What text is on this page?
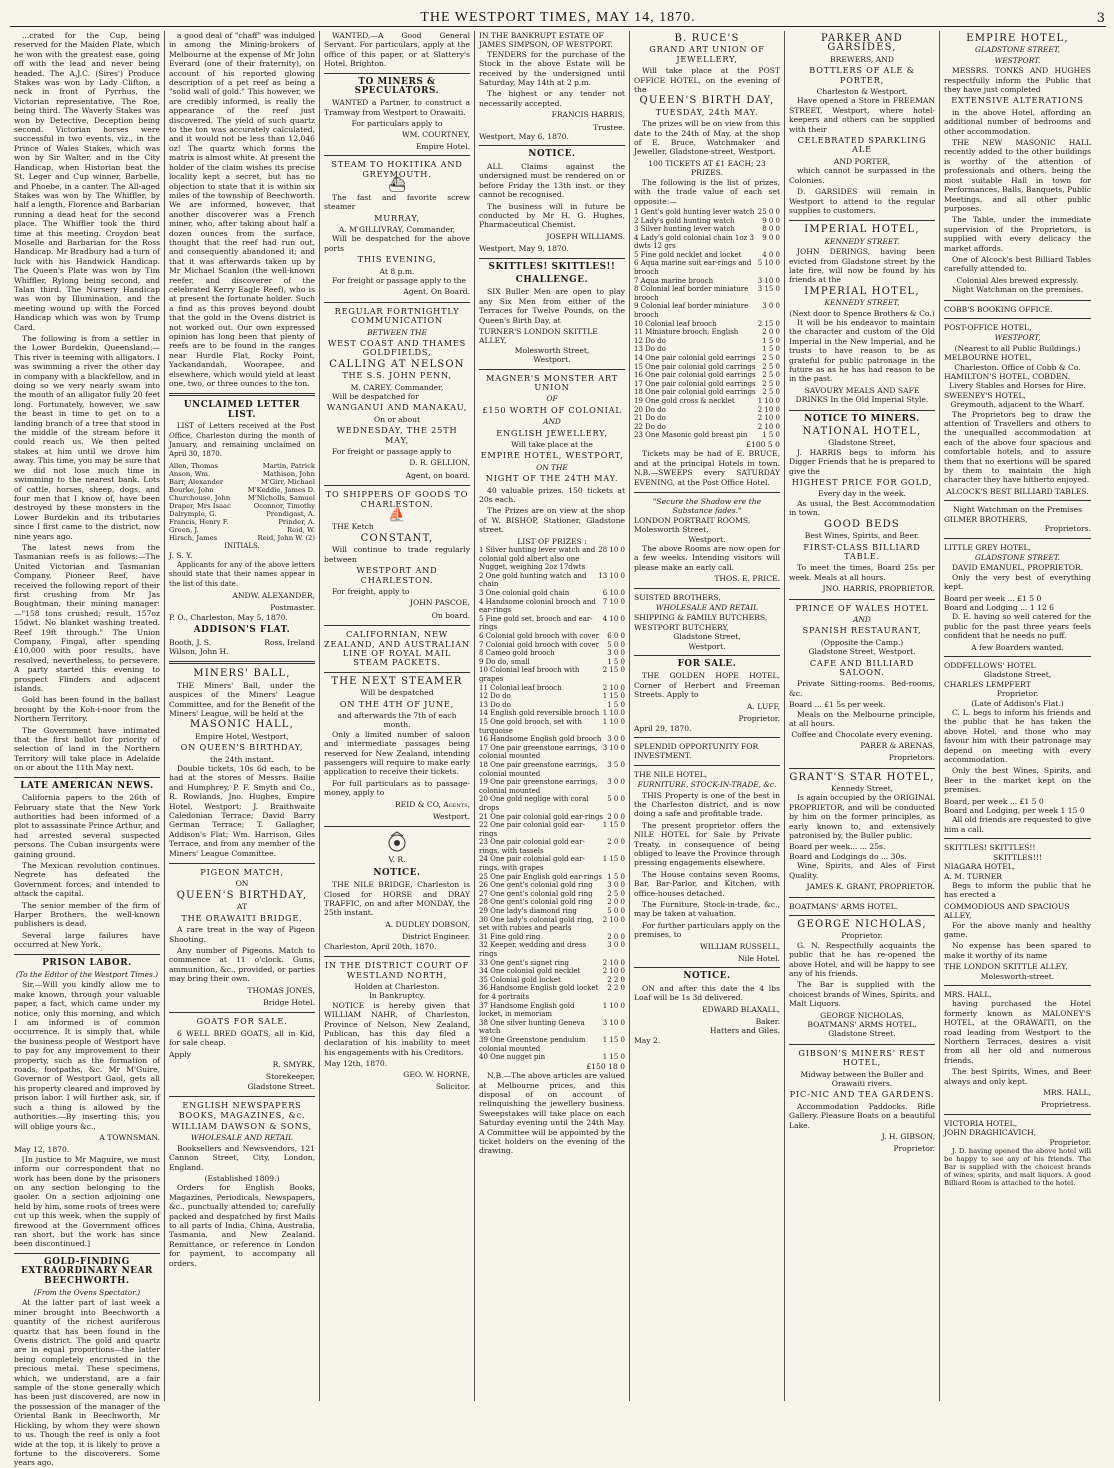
THE WESTPORT TIMES, MAY 14, 1870.	3

...crated for the Cup, being reserved for the Maiden Plate, which he won with the greatest ease, going off with the lead and never being headed. The A.J.C. (Sires') Produce Stakes was won by Lady Clifton, a neck in front of Pyrrhus, the Victorian representative, The Roe, being third. The Waverly Stakes was won by Detective, Deception being second. Victorian horses were successful in two events, viz., in the Prince of Wales Stakes, which was won by Sir Walter, and in the City Handicap, when Historian beat the St. Leger and Cup winner, Barbelle, and Phoebe, in a canter. The All-aged Stakes was won by The Whiffler, by half a length, Florence and Barbarian running a dead heat for the second place. The Whiffler took the third time at this meeting. Croydon beat Moselle and Barbarian for the Ross Handicap. Mr Bradbury had a turn of luck with his Handwick Handicap. The Queen's Plate was won by Tim Whiffler, Rylong being second, and Talan third. The Nursery Handicap was won by Illumination, and the meeting wound up with the Forced Handicap which was won by Trump Card.

The following is from a settler in the Lower Burdekin, Queensland:— This river is teeming with alligators. I was swimming a river the other day in company with a blackfellow, and in doing so we very nearly swam into the mouth of an alligator fully 20 feet long. Fortunately, however, we saw the beast in time to get on to a landing branch of a tree that stood in the middle of the stream before it could reach us. We then pelted stakes at him until we drove him away. This time, you may be sure that we did not lose much time in swimming to the nearest bank. Lots of cattle, horses, sheep, dogs, and four men that I know of, have been destroyed by these monsters in the Lower Burdekin and its tributaries since I first came to the district, now nine years ago.

The latest news from the Tasmanian reefs is as follows:—The United Victorian and Tasmanian Company, Pioneer Reef, have received the following report of their first crushing from Mr Jas Boughtman, their mining manager:—"158 tons crushed; result, 157oz 15dwt. No blanket washing treated. Reef 19ft through." The Union Company, Fingal, after spending £10,000 with poor results, have resolved, nevertheless, to persevere. A party started this evening to prospect Flinders and adjacent islands.

Gold has been found in the ballast brought by the Koh-i-noor from the Northern Territory.

The Government have intimated that the first ballot for priority of selection of land in the Northern Territory will take place in Adelaide on or about the 11th May next.

LATE AMERICAN NEWS.

California papers to the 26th of February state that the New York authorities had been informed of a plot to assassinate Prince Arthur, and had arrested several suspected persons. The Cuban insurgents were gaining ground.

The Mexican revolution continues. Negrete has defeated the Government forces, and intended to attack the capital.

The senior member of the firm of Harper Brothers, the well-known publishers is dead.

Several large failures have occurred at New York.

PRISON LABOR.
(To the Editor of the Westport Times.)

Sir,—Will you kindly allow me to make known, through your valuable paper, a fact, which came under my notice, only this morning, and which I am informed is of common occurrence. It is simply that, while the business people of Westport have to pay for any improvement to their property, such as the formation of roads, footpaths, &c. Mr M'Guire, Governor of Westport Gaol, gets all his property cleared and improved by prison labor. I will further ask, sir, if such a thing is allowed by the authorities.—By inserting this, you will oblige yours &c.,

A TOWNSMAN.
May 12, 1870.

[In justice to Mr Maguire, we must inform our correspondent that no work has been done by the prisoners on any section belonging to the gaoler. On a section adjoining one held by him, some roots of trees were cut up this week, when the supply of firewood at the Government offices ran short, but the work has since been discontinued.]

GOLD-FINDING EXTRAORDINARY NEAR BEECHWORTH.
(From the Ovens Spectator.)

At the latter part of last week a miner brought into Beechworth a quantity of the richest auriferous quartz that has been found in the Ovens district. The gold and quartz are in equal proportions—the latter being completely encrusted in the precious metal. These specimens, which, we understand, are a fair sample of the stone generally which has been just discovered, are now in the possession of the manager of the Oriental Bank in Beechworth, Mr Hickling, by whom they were shown to us. Though the reef is only a foot wide at the top, it is likely to prove a fortune to the discoverers. Some years ago,

a good deal of "chaff" was indulged in among the Mining-brokers of Melbourne at the expense of Mr John Everard (one of their fraternity), on account of his reported glowing description of a pet reef as being a "solid wall of gold." This however, we are credibly informed, is really the appearance of the reef just discovered. The yield of such quartz to the ton was accurately calculated, and it would not be less than 12,046 oz! The quartz which forms the matrix is almost white. At present the holder of the claim wishes its precise locality kept a secret, but has no objection to state that it is within six miles of the township of Beechworth. We are informed, however, that another discoverer was a French miner, who, after taking about half a dozen ounces from the surface, thought that the reef had run out, and consequently abandoned it; and that it was afterwards taken up by Mr Michael Scanlon (the well-known reefer, and discoverer of the celebrated Kerry Eagle Reef), who is at present the fortunate holder. Such a find as this proves beyond doubt that the gold in the Ovens district is not worked out. Our own expressed opinion has long been that plenty of reefs are to be found in the ranges near Hurdle Flat, Rocky Point, Yackandandah, Woorapee, and elsewhere, which would yield at least one, two, or three ounces to the ton.

UNCLAIMED LETTER LIST.

LIST of Letters received at the Post Office, Charleston during the month of January, and remaining unclaimed on April 30, 1870.

Allen, Thomas	Martin, Patrick
Anson, Wm.	Mathison, John
Barr, Alexander	M'Girr, Michael
Bourke, John	M'Keddie, James D.
Churchouse, John	M'Nicholls, Samuel
Draper, Mrs Isaac	Oconnor, Timothy
Dalrymple, G.	Prendigast, A.
Francis, Henry F.	Prinder, A.
Green, J.	Reid, W.
Hirsch, James	Reid, John W. (2)
INITIALS.
J. S. Y.

Applicants for any of the above letters should state that their names appear in the list of this date.

ANDW. ALEXANDER,
Postmaster.
P. O., Charleston, May 5, 1870.
ADDISON'S FLAT.
Booth, J. S.	Ross, Ireland
Wilson, John H.
MINERS' BALL,

THE Miners' Ball, under the auspices of the Miners' League Committee, and for the Benefit of the Miners' League, will be held at the

MASONIC HALL,
Empire Hotel, Westport,
ON QUEEN'S BIRTHDAY,
the 24th instant.

Double tickets, 10s 6d each, to be had at the stores of Messrs. Bailie and Humphrey, P. F. Smyth and Co., R. Rowlands, Jno. Hughes, Empire Hotel, Westport; J. Braithwaite Caledonian Terrace; David Barry German Terrace; T. Gallagher, Addison's Flat; Wm. Harrison, Giles Terrace, and from any member of the Miners' League Committee.

PIGEON MATCH,
ON
QUEEN'S BIRTHDAY,
AT
THE ORAWAITI BRIDGE.

A rare treat in the way of Pigeon Shooting.

Any number of Pigeons. Match to commence at 11 o'clock. Guns, ammunition, &c., provided, or parties may bring their own.

THOMAS JONES,
Bridge Hotel.
GOATS FOR SALE.

6 WELL BRED GOATS, all in Kid, for sale cheap.

Apply
R. SMYRK,
Storekeeper,
Gladstone Street.
ENGLISH NEWSPAPERS BOOKS, MAGAZINES, &c.
WILLIAM DAWSON & SONS,
WHOLESALE AND RETAIL

Booksellers and Newsvendors, 121 Cannon Street, City, London, England.

(Established 1809.)

Orders for English Books, Magazines, Periodicals, Newspapers, &c., punctually attended to; carefully packed and despatched by first Mails to all parts of India, China, Australia, Tasmania, and New Zealand. Remittance, or reference in London for payment, to accompany all orders.

WANTED,—A Good General Servant. For particulars, apply at the office of this paper, or at Slattery's Hotel, Brighton.

TO MINERS & SPECULATORS.

WANTED a Partner, to construct a Tramway from Westport to Orawaiti.

For particulars apply to
WM. COURTNEY,
Empire Hotel.
STEAM TO HOKITIKA AND GREYMOUTH.
⛴

The fast and favorite screw steamer

MURRAY,
A. M'GILLIVRAY, Commander,

Will be despatched for the above ports

THIS EVENING,
At 8 p.m.

For freight or passage apply to the

Agent, On Board.
REGULAR FORTNIGHTLY COMMUNICATION
BETWEEN THE
WEST COAST AND THAMES GOLDFIELDS,
CALLING AT NELSON
THE S.S. JOHN PENN,
M. CAREY, Commander,

Will be despatched for

WANGANUI AND MANAKAU,
On or about
WEDNESDAY, THE 25TH MAY,

For freight or passage apply to

D. R. GELLION,
Agent, on board.
TO SHIPPERS OF GOODS TO CHARLESTON.
⛵

THE Ketch

CONSTANT,

Will continue to trade regularly between

WESTPORT AND CHARLESTON.

For freight, apply to

JOHN PASCOE,
On board.
CALIFORNIAN, NEW ZEALAND, AND AUSTRALIAN LINE OF ROYAL MAIL STEAM PACKETS.
THE NEXT STEAMER
Will be despatched
ON THE 4TH OF JUNE,
and afterwards the 7th of each month.

Only a limited number of saloon and intermediate passages being reserved for New Zealand, intending passengers will require to make early application to receive their tickets.

For full particulars as to passage-money, apply to

REID & CO, Agents,
Westport.
V. R.
NOTICE.

THE NILE BRIDGE, Charleston is Closed for HORSE and DRAY TRAFFIC, on and after MONDAY, the 25th instant.

A. DUDLEY DOBSON,
District Engineer.
Charleston, April 20th, 1870.
IN THE DISTRICT COURT OF WESTLAND NORTH,
Holden at Charleston.
In Bankruptcy.

NOTICE is hereby given that WILLIAM NAHR, of Charleston, Province of Nelson, New Zealand, Publican, has this day filed a declaration of his inability to meet his engagements with his Creditors.

May 12th, 1870.
GEO. W. HORNE,
Solicitor.
IN THE BANKRUPT ESTATE OF JAMES SIMPSON, OF WESTPORT.

TENDERS for the purchase of the Stock in the above Estate will be received by the undersigned until Saturday, May 14th at 2 p.m.

The highest or any tender not necessarily accepted.

FRANCIS HARRIS,
Trustee.
Westport, May 6, 1870.
NOTICE.

ALL Claims against the undersigned must be rendered on or before Friday the 13th inst. or they cannot be recognised.

The business will in future be conducted by Mr H. G. Hughes, Pharmaceutical Chemist.

JOSEPH WILLIAMS.
Westport, May 9, 1870.
SKITTLES! SKITTLES!!
CHALLENGE.

SIX Buller Men are open to play any Six Men from either of the Terraces for Twelve Pounds, on the Queen's Birth Day, at

TURNER'S LONDON SKITTLE ALLEY,
Molesworth Street,
Westport.
MAGNER'S MONSTER ART UNION
OF
£150 WORTH OF COLONIAL
AND
ENGLISH JEWELLERY,
Will take place at the
EMPIRE HOTEL, WESTPORT,
ON THE
NIGHT OF THE 24TH MAY.

40 valuable prizes. 150 tickets at 20s each.

The Prizes are on view at the shop of W. BISHOP, Stationer, Gladstone street.

LIST OF PRIZES :
1 Silver hunting lever watch and colonial gold albert also one Nugget, weighing 2oz 17dwts
28 10 0
2 One gold hunting watch and chain
13 10 0
3 One colonial gold chain	6 10 0
4 Handsome colonial brooch and ear-rings
7 10 0
5 Fine gold set, brooch and ear-rings
4 10 0
6 Colonial gold brooch with cover	6 0 0
7 Colonial gold brooch with cover	5 0 0
8 Cameo gold brooch	3 0 0
9 Do do, small	1 5 0
10 Colonial leaf brooch with grapes
2 15 0
11 Colonial leaf brooch	2 10 0
12 Do do	1 15 0
13 Do do	1 5 0
14 English gold reversible brooch 1 10 0
15 One gold brooch, set with turquoise
1 10 0
16 Handsome English gold brooch 3 0 0
17 One pair greenstone earrings, colonial mounted
3 10 0
18 One pair greenstone earrings, colonial mounted
3 5 0
19 One pair greenstone earrings, colonial mounted
3 0 0
20 One gold neglige with coral drops
5 0 0
21 One pair colonial gold ear-rings 2 0 0
22 One pair colonial gold ear-rings
1 15 0
23 One pair colonial gold ear-rings, with tassels
2 0 0
24 One pair colonial gold ear-rings, with grapes
1 15 0
25 One pair English gold ear-rings 1 5 0
26 One gent's colonial gold ring	3 0 0
27 One gent's colonial gold ring	2 5 0
28 One gent's colonial gold ring	2 0 0
29 One lady's diamond ring	5 0 0
30 One lady's colonial gold ring, set with rubies and pearls
2 10 0
31 Fine gold ring	2 0 0
32 Keeper, wedding and dress rings
3 0 0
33 One gent's signet ring	2 10 0
34 One colonial gold necklet	2 10 0
35 Colonial gold locket	2 2 0
36 Handsome English gold locket for 4 portraits
2 2 0
37 Handsome English gold locket, in memoriam
1 10 0
38 One silver hunting Geneva watch
3 10 0
39 One Greenstone pendulum colonial mounted
1 15 0
40 One nugget pin	1 15 0
£150 18 0

N.B.—The above articles are valued at Melbourne prices, and this disposal of on account of relinquishing the jewellery business. Sweepstakes will take place on each Saturday evening until the 24th May. A Committee will be appointed by the ticket holders on the evening of the drawing.

B. RUCE'S
GRAND ART UNION OF JEWELLERY,

Will take place at the POST OFFICE HOTEL, on the evening of the

QUEEN'S BIRTH DAY,
TUESDAY, 24th MAY.

The prizes will be on view from this date to the 24th of May, at the shop of E. Bruce, Watchmaker and Jeweller, Gladstone-street, Westport.

100 TICKETS AT £1 EACH; 23 PRIZES.

The following is the list of prizes, with the trade value of each set opposite:—

1 Gent's gold hunting lever watch 25 0 0
2 Lady's gold hunting watch	9 0 0
3 Silver hunting lever watch	8 0 0
4 Lady's gold colonial chain 1oz 3 dwts 12 grs
9 0 0
5 Fine gold necklet and locket	4 0 0
6 Aqua marine suit ear-rings and brooch
5 10 0
7 Aqua marine brooch	3 10 0
8 Colonial leaf border miniature brooch
3 15 0
9 Colonial leaf border miniature brooch
3 0 0
10 Colonial leaf brooch	2 15 0
11 Miniature brooch, English	2 0 0
12 Do do	1 5 0
13 Do do	1 5 0
14 One pair colonial gold earrings 2 5 0
15 One pair colonial gold carrings 2 5 0
16 One pair colonial gold earrings 2 5 0
17 One pair colonial gold earrings 2 5 0
18 One pair colonial gold earrings 2 5 0
19 One gold cross & necklet	1 10 0
20 Do do	2 10 0
21 Do do	2 10 0
22 Do do	2 10 0
23 One Masonic gold breast pin	1 5 0
£100 5 0

Tickets may be had of E. BRUCE, and at the principal Hotels in town. N.B.—SWEEPS every SATURDAY EVENING, at the Post Office Hotel.

"Secure the Shadow ere the Substance fades."
LONDON PORTRAIT ROOMS, Molesworth Street,
Westport.

The above Rooms are now open for a few weeks. Intending visitors will please make an early call.

THOS. E. PRICE.
SUISTED BROTHERS,
WHOLESALE AND RETAIL
SHIPPING & FAMILY BUTCHERS,
WESTPORT BUTCHERY,
Gladstone Street,
Westport.
FOR SALE.

THE GOLDEN HOPE HOTEL, Corner of Herbert and Freeman Streets. Apply to

A. LUFF,
Proprietor.
April 29, 1870.
SPLENDID OPPORTUNITY FOR INVESTMENT.
THE NILE HOTEL,
FURNITURE, STOCK-IN-TRADE, &c.

THIS Property is one of the best in the Charleston district, and is now doing a safe and profitable trade.

The present proprietor offers the NILE HOTEL for Sale by Private Treaty, in consequence of being obliged to leave the Province through pressing engagements elsewhere.

The House contains seven Rooms, Bar, Bar-Parlor, and Kitchen, with office-houses detached.

The Furniture, Stock-in-trade, &c., may be taken at valuation.

For further particulars apply on the premises, to

WILLIAM RUSSELL,
Nile Hotel.
NOTICE.

ON and after this date the 4 lbs Loaf will be 1s 3d delivered.

EDWARD BLAXALL,
Baker.
Hatters and Giles.
May 2.
PARKER AND GARSIDES,
BREWERS, AND
BOTTLERS OF ALE & PORTER,
Charleston & Westport,

Have opened a Store in FREEMAN STREET, Westport, where hotel-keepers and others can be supplied with their

CELEBRATED SPARKLING ALE
AND PORTER,

which cannot be surpassed in the Colonies.

D. GARSIDES will remain in Westport to attend to the regular supplies to customers.

IMPERIAL HOTEL,
KENNEDY STREET.

JOHN DERINGS, having been evicted from Gladstone street by the late fire, will now be found by his friends at the

IMPERIAL HOTEL,
KENNEDY STREET,
(Next door to Spence Brothers & Co.)

It will be his endeavor to maintain the character and custom of the Old Imperial in the New Imperial, and he trusts to have reason to be as grateful for public patronage in the future as as he has had reason to be in the past.

SAVOURY MEALS AND SAFE DRINKS In the Old Imperial Style.
NOTICE TO MINERS.
NATIONAL HOTEL,
Gladstone Street,

J. HARRIS begs to inform his Digger Friends that he is prepared to give the

HIGHEST PRICE FOR GOLD,
Every day in the week.

As usual, the Best Accommodation in town.

GOOD BEDS
Best Wines, Spirits, and Beer.
FIRST-CLASS BILLIARD TABLE.

To meet the times, Board 25s per week. Meals at all hours.

JNO. HARRIS, PROPRIETOR.
PRINCE OF WALES HOTEL
AND
SPANISH RESTAURANT,
(Opposite the Camp.)
Gladstone Street, Westport.
CAFE AND BILLIARD SALOON.

Private Sitting-rooms. Bed-rooms, &c.

Board ... £1 5s per week.

Meals on the Melbourne principle, at all hours.

Coffee and Chocolate every evening.
PARER & ARENAS,
Proprietors.
GRANT'S STAR HOTEL,
Kennedy Street,

Is again occupied by the ORIGINAL PROPRIETOR, and will be conducted by him on the former principles, as early known to, and extensively patronised by, the Buller public.

Board per week... ... 25s.
Board and Lodgings do ... 30s.

Wine, Spirits, and Ales of First Quality.

JAMES K. GRANT, PROPRIETOR.
BOATMANS' ARMS HOTEL.
GEORGE NICHOLAS,
Proprietor.

G. N. Respectfully acquaints the public that he has re-opened the above Hotel, and will be happy to see any of his friends.

The Bar is supplied with the choicest brands of Wines, Spirits, and Malt Liquors.

GEORGE NICHOLAS,
BOATMANS' ARMS HOTEL,
Gladstone Street.
GIBSON'S MINERS' REST HOTEL,
Midway between the Buller and Orawaiti rivers.
PIC-NIC AND TEA GARDENS.

Accommodation Paddocks. Rifle Gallery. Pleasure Boats on a beautiful Lake.

J. H. GIBSON,
Proprietor.
EMPIRE HOTEL,
GLADSTONE STREET,
WESTPORT.

MESSRS. TONKS AND HUGHES respectfully inform the Public that they have just completed

EXTENSIVE ALTERATIONS

in the above Hotel, affording an additional number of bedrooms and other accommodation.

THE NEW MASONIC HALL recently added to the other buildings is worthy of the attention of professionals and others, being the most suitable Hall in town for Performances, Balls, Banquets, Public Meetings, and all other public purposes.

The Table, under the immediate supervision of the Proprietors, is supplied with every delicacy the market affords.

One of Alcock's best Billiard Tables carefully attended to.

Colonial Ales brewed expressly.
Night Watchman on the premises.
COBB'S BOOKING OFFICE.
POST-OFFICE HOTEL,
WESTPORT,
(Nearest to all Public Buildings.)
MELBOURNE HOTEL,
Charleston. Office of Cobb & Co.
HAMILTON'S HOTEL, COBDEN.
Livery Stables and Horses for Hire.
SWEENEY'S HOTEL,
Greymouth, adjacent to the Wharf.

The Proprietors beg to draw the attention of Travellers and others to the unequalled accommodation at each of the above four spacious and comfortable hotels, and to assure them that no exertions will be spared by them to maintain the high character they have hitherto enjoyed.

ALCOCK'S BEST BILLIARD TABLES.
Night Watchman on the Premises
GILMER BROTHERS,
Proprietors.
LITTLE GREY HOTEL,
GLADSTONE STREET.
DAVID EMANUEL, PROPRIETOR.

Only the very best of everything kept.

Board per week ... £1 5 0
Board and Lodging ... 1 12 6

D. E. having so well catered for the public for the past three years feels confident that he needs no puff.

A few Boarders wanted.
ODDFELLOWS' HOTEL
Gladstone Street,
CHARLES LEMPFERT
Proprietor.
(Late of Addison's Flat.)

C. L. begs to inform his friends and the public that he has taken the above Hotel, and those who may favour him with their patronage may depend on meeting with every accommodation.

Only the best Wines, Spirits, and Beer in the market kept on the premises.

Board, per week ... £1 5 0
Board and Lodging, per week 1 15 0

All old friends are requested to give him a call.

SKITTLES! SKITTLES!!
SKITTLES!!!
NIAGARA HOTEL,
A. M. TURNER

Begs to inform the public that he has erected a

COMMODIOUS AND SPACIOUS ALLEY,

For the above manly and healthy game.

No expense has been spared to make it worthy of its name

THE LONDON SKITTLE ALLEY,
Molesworth-street.
MRS. HALL,

having purchased the Hotel formerly known as MALONEY'S HOTEL, at the ORAWAITI, on the road leading from Westport to the Northern Terraces, desires a visit from all her old and numerous friends.

The best Spirits, Wines, and Beer always and only kept.

MRS. HALL,
Proprietress.
VICTORIA HOTEL,
JOHN DRAGHICAVICH,
Proprietor.

J. D. having opened the above hotel will be happy to see any of his friends. The Bar is supplied with the choicest brands of wines, spirits, and malt liquors. A good Billiard Room is attached to the hotel.
